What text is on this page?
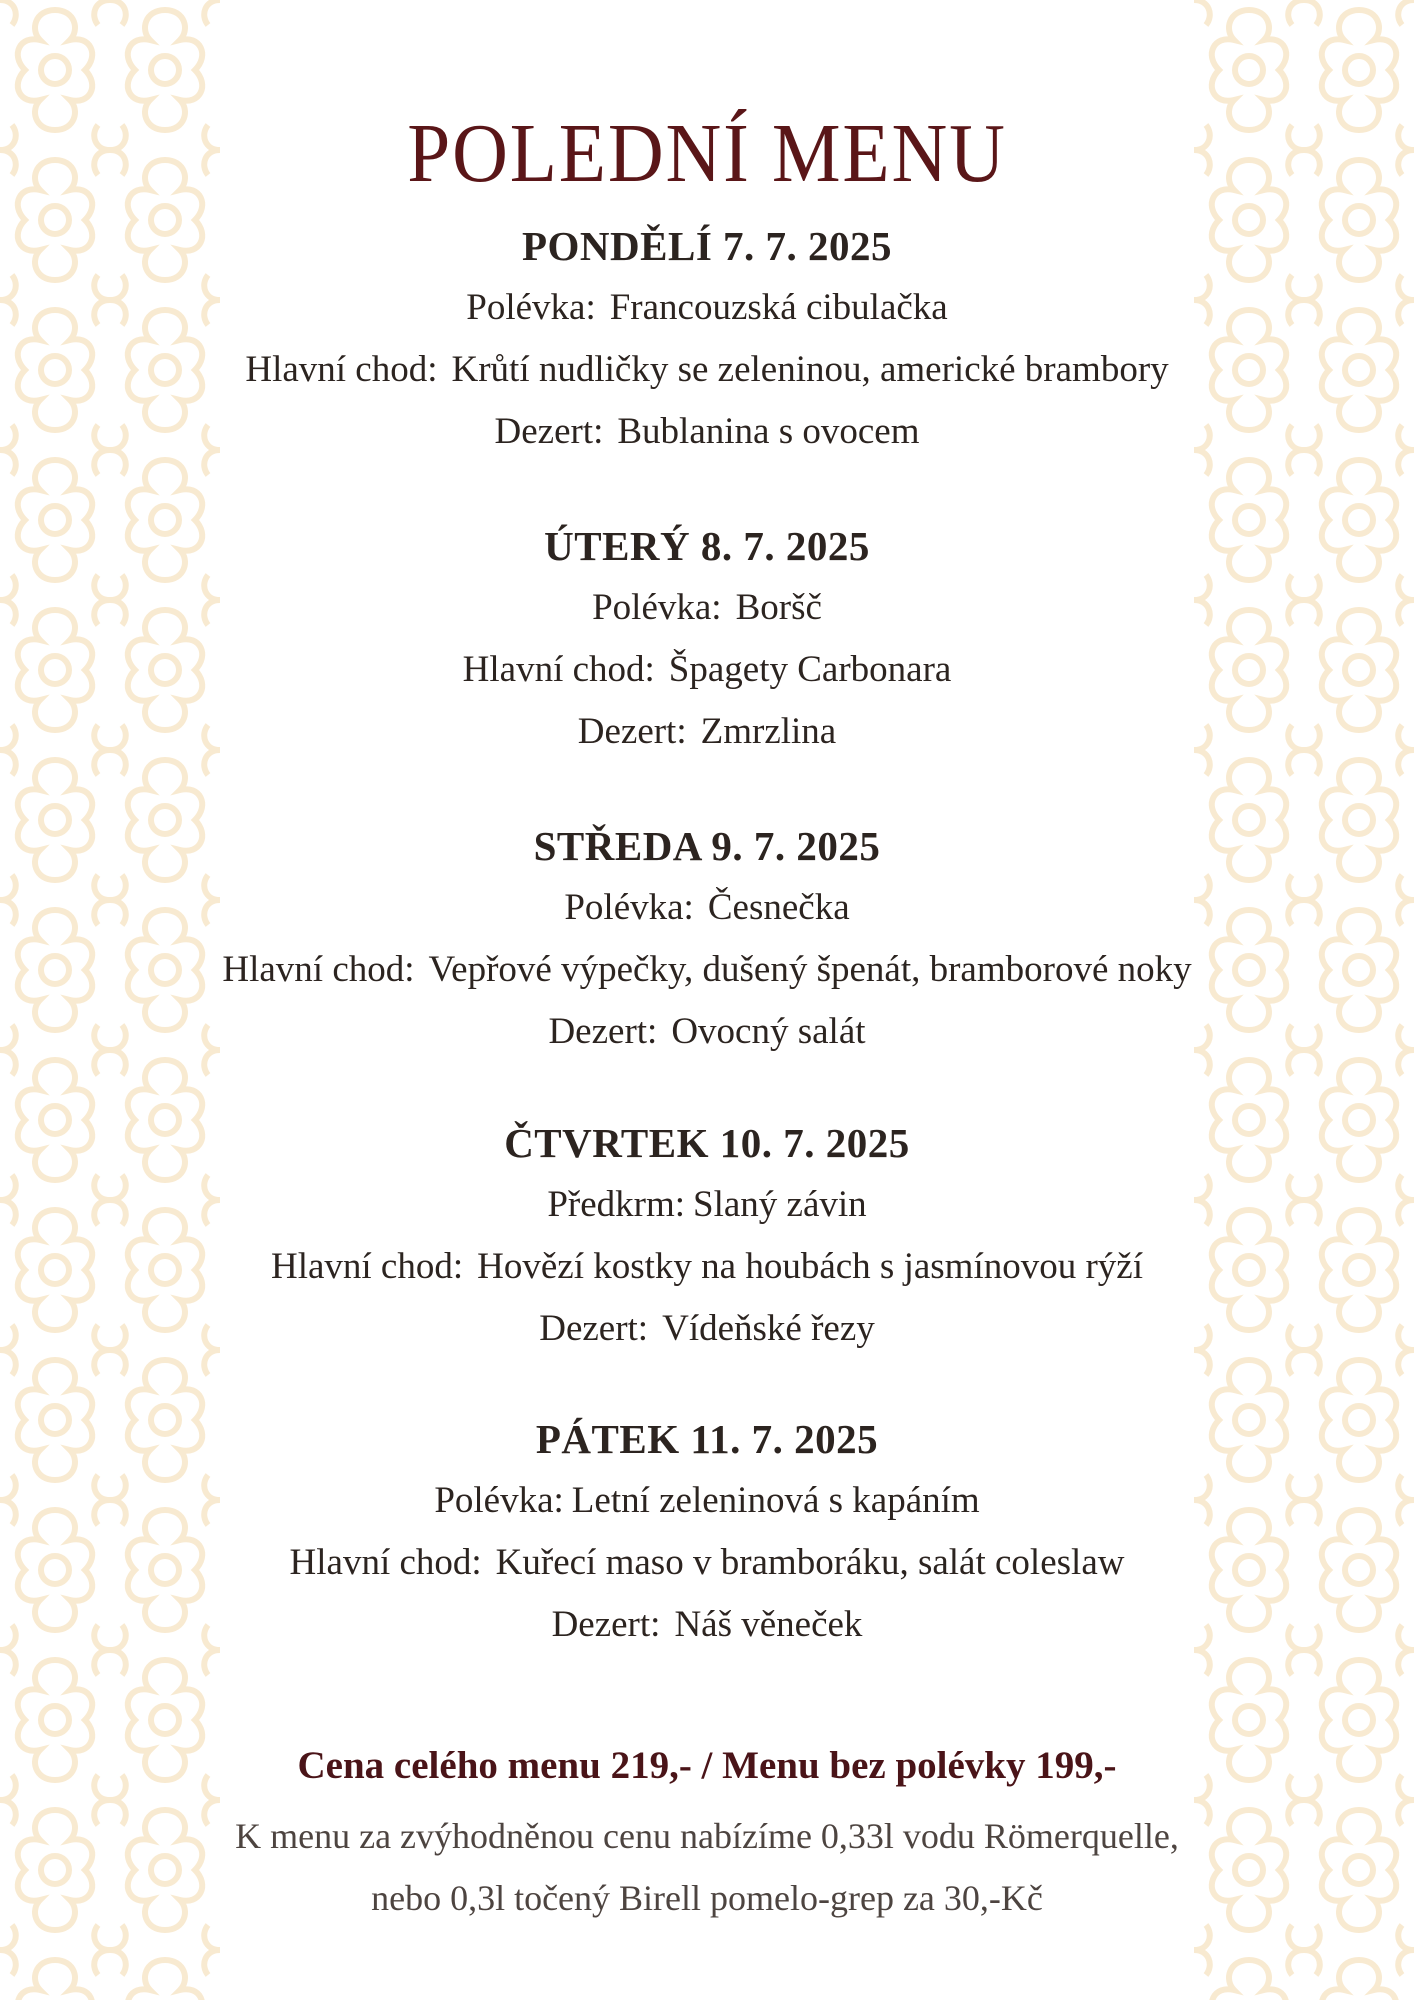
POLEDNÍ MENU
PONDĚLÍ 7. 7. 2025
Polévka: Francouzská cibulačka
Hlavní chod: Krůtí nudličky se zeleninou, americké brambory
Dezert: Bublanina s ovocem
ÚTERÝ 8. 7. 2025
Polévka: Boršč
Hlavní chod: Špagety Carbonara
Dezert: Zmrzlina
STŘEDA 9. 7. 2025
Polévka: Česnečka
Hlavní chod: Vepřové výpečky, dušený špenát, bramborové noky
Dezert: Ovocný salát
ČTVRTEK 10. 7. 2025
Předkrm: Slaný závin
Hlavní chod: Hovězí kostky na houbách s jasmínovou rýží
Dezert: Vídeňské řezy
PÁTEK 11. 7. 2025
Polévka: Letní zeleninová s kapáním
Hlavní chod: Kuřecí maso v bramboráku, salát coleslaw
Dezert: Náš věneček
Cena celého menu 219,- / Menu bez polévky 199,-
K menu za zvýhodněnou cenu nabízíme 0,33l vodu Römerquelle,
nebo 0,3l točený Birell pomelo-grep za 30,-Kč
